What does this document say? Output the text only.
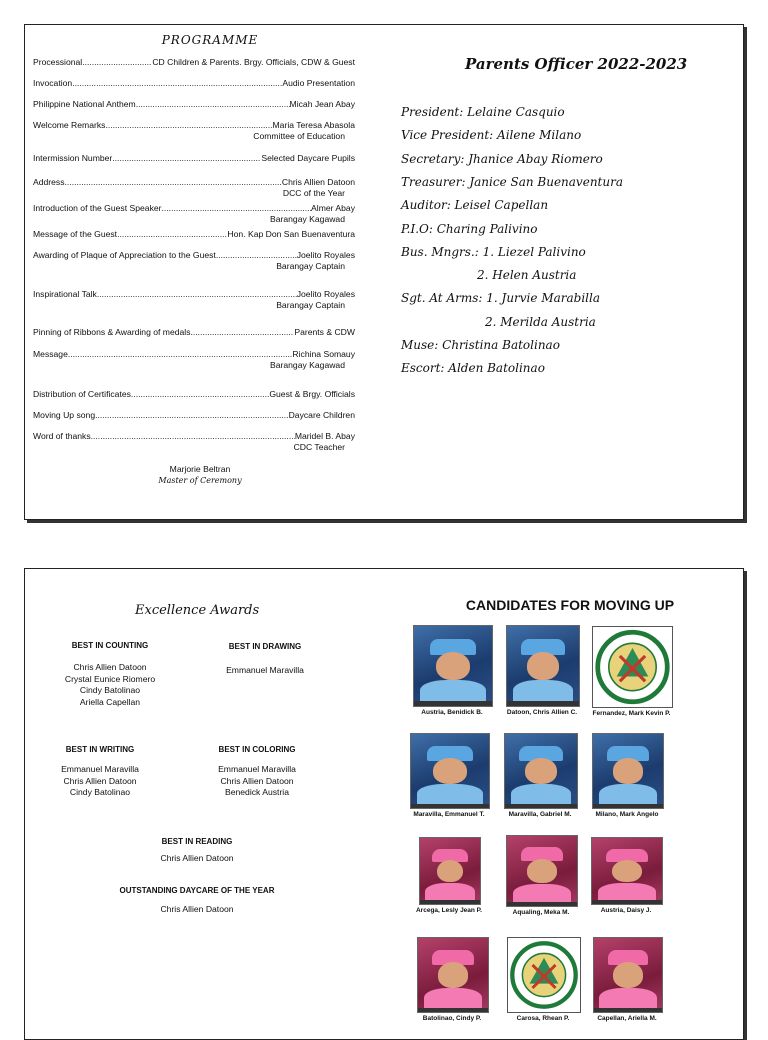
PROGRAMME
Processional .....	CD Children & Parents. Brgy. Officials, CDW & Guest
Invocation .....	Audio Presentation
Philippine National Anthem .....	Micah Jean Abay
Welcome Remarks .....	Maria Teresa Abasola
Committee of Education
Intermission Number .....	Selected Daycare Pupils
Address .....	Chris Allien Datoon
DCC of the Year
Introduction of the Guest Speaker .....	Almer Abay
Barangay Kagawad
Message of the Guest .....	Hon. Kap Don San Buenaventura
Awarding of Plaque of Appreciation to the Guest .....	Joelito Royales
Barangay Captain
Inspirational Talk .....	Joelito Royales
Barangay Captain
Pinning of Ribbons & Awarding of medals .....	Parents & CDW
Message .....	Richina Somauy
Barangay Kagawad
Distribution of Certificates .....	Guest & Brgy. Officials
Moving Up song .....	Daycare Children
Word of thanks .....	Maridel B. Abay
CDC Teacher
Marjorie Beltran
Master of Ceremony
Parents Officer 2022-2023
President: Lelaine Casquio
Vice President: Ailene Milano
Secretary: Jhanice Abay Riomero
Treasurer: Janice San Buenaventura
Auditor: Leisel Capellan
P.I.O: Charing Palivino
Bus. Mngrs.: 1. Liezel Palivino
2. Helen Austria
Sgt. At Arms: 1. Jurvie Marabilla
2. Merilda Austria
Muse: Christina Batolinao
Escort: Alden Batolinao
Excellence Awards
BEST IN COUNTING
Chris Allien Datoon
Crystal Eunice Riomero
Cindy Batolinao
Ariella Capellan
BEST IN DRAWING
Emmanuel Maravilla
BEST IN WRITING
Emmanuel Maravilla
Chris Allien Datoon
Cindy Batolinao
BEST IN COLORING
Emmanuel Maravilla
Chris Allien Datoon
Benedick Austria
BEST IN READING
Chris Allien Datoon
OUTSTANDING DAYCARE OF THE YEAR
Chris Allien Datoon
CANDIDATES FOR MOVING UP
Austria, Benidick B.	Datoon, Chris Allien C.	Fernandez, Mark Kevin P.
Maravilla, Emmanuel T.	Maravilla, Gabriel M.	Milano, Mark Angelo
Arcega, Lesly Jean P.	Aqualing, Meka M.	Austria, Daisy J.
Batolinao, Cindy P.	Carosa, Rhean P.	Capellan, Ariella M.
